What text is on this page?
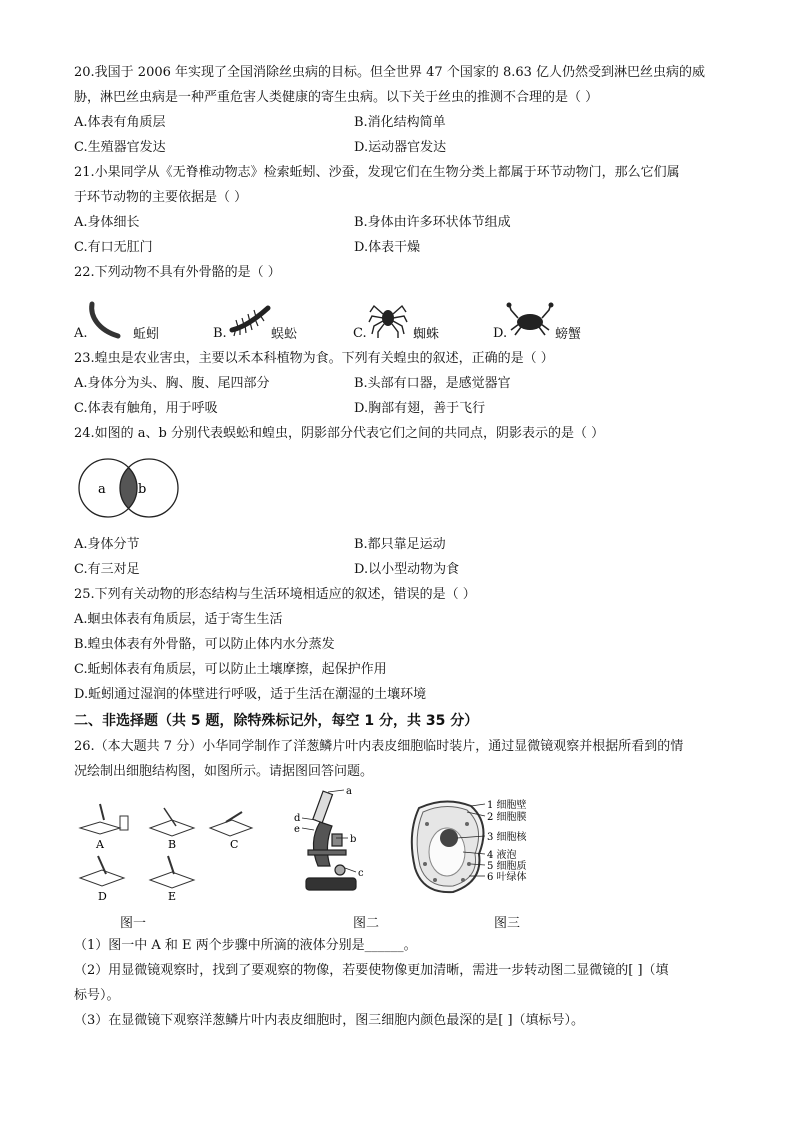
20.我国于 2006 年实现了全国消除丝虫病的目标。但全世界 47 个国家的 8.63 亿人仍然受到淋巴丝虫病的威
胁，淋巴丝虫病是一种严重危害人类健康的寄生虫病。以下关于丝虫的推测不合理的是（ ）
A.体表有角质层	B.消化结构简单
C.生殖器官发达	D.运动器官发达
21.小果同学从《无脊椎动物志》检索蚯蚓、沙蚕，发现它们在生物分类上都属于环节动物门，那么它们属
于环节动物的主要依据是（ ）
A.身体细长	B.身体由许多环状体节组成
C.有口无肛门	D.体表干燥
22.下列动物不具有外骨骼的是（ ）
A.	蚯蚓	B.	蜈蚣	C.	蜘蛛	D.	螃蟹
23.蝗虫是农业害虫，主要以禾本科植物为食。下列有关蝗虫的叙述，正确的是（ ）
A.身体分为头、胸、腹、尾四部分	B.头部有口器，是感觉器官
C.体表有触角，用于呼吸	D.胸部有翅，善于飞行
24.如图的 a、b 分别代表蜈蚣和蝗虫，阴影部分代表它们之间的共同点，阴影表示的是（ ）
a b
A.身体分节	B.都只靠足运动
C.有三对足	D.以小型动物为食
25.下列有关动物的形态结构与生活环境相适应的叙述，错误的是（ ）
A.蛔虫体表有角质层，适于寄生生活
B.蝗虫体表有外骨骼，可以防止体内水分蒸发
C.蚯蚓体表有角质层，可以防止土壤摩擦，起保护作用
D.蚯蚓通过湿润的体壁进行呼吸，适于生活在潮湿的土壤环境
二、非选择题（共 5 题，除特殊标记外，每空 1 分，共 35 分）
26.（本大题共 7 分）小华同学制作了洋葱鳞片叶内表皮细胞临时装片，通过显微镜观察并根据所看到的情
况绘制出细胞结构图，如图所示。请据图回答问题。
A	B	C
D	E
a
b
c
d
e
1 细胞壁
2 细胞膜
3 细胞核
4 液泡
5 细胞质
6 叶绿体
图一	图二	图三
（1）图一中 A 和 E 两个步骤中所滴的液体分别是______。
（2）用显微镜观察时，找到了要观察的物像，若要使物像更加清晰，需进一步转动图二显微镜的[ ]（填
标号）。
（3）在显微镜下观察洋葱鳞片叶内表皮细胞时，图三细胞内颜色最深的是[ ]（填标号）。
